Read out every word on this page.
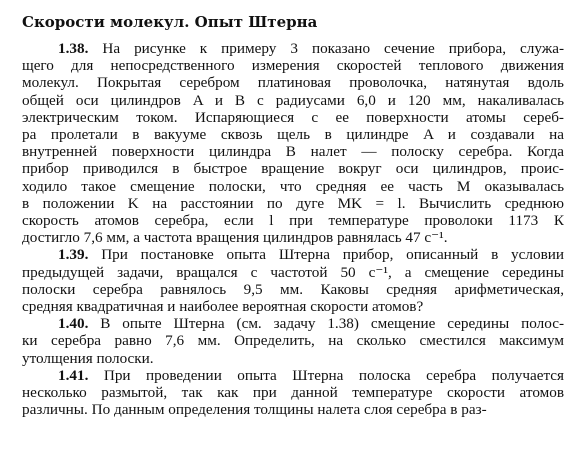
Скорости молекул. Опыт Штерна
1.38. На рисунке к примеру 3 показано сечение прибора, служа-
щего для непосредственного измерения скоростей теплового движения
молекул. Покрытая серебром платиновая проволочка, натянутая вдоль
общей оси цилиндров A и B с радиусами 6,0 и 120 мм, накаливалась
электрическим током. Испаряющиеся с ее поверхности атомы сереб-
ра пролетали в вакууме сквозь щель в цилиндре A и создавали на
внутренней поверхности цилиндра B налет — полоску серебра. Когда
прибор приводился в быстрое вращение вокруг оси цилиндров, проис-
ходило такое смещение полоски, что средняя ее часть M оказывалась
в положении K на расстоянии по дуге MK = l. Вычислить среднюю
скорость атомов серебра, если l при температуре проволоки 1173 К
достигло 7,6 мм, а частота вращения цилиндров равнялась 47 с⁻¹.
1.39. При постановке опыта Штерна прибор, описанный в условии
предыдущей задачи, вращался с частотой 50 с⁻¹, а смещение середины
полоски серебра равнялось 9,5 мм. Каковы средняя арифметическая,
средняя квадратичная и наиболее вероятная скорости атомов?
1.40. В опыте Штерна (см. задачу 1.38) смещение середины полос-
ки серебра равно 7,6 мм. Определить, на сколько сместился максимум
утолщения полоски.
1.41. При проведении опыта Штерна полоска серебра получается
несколько размытой, так как при данной температуре скорости атомов
различны. По данным определения толщины налета слоя серебра в раз-
